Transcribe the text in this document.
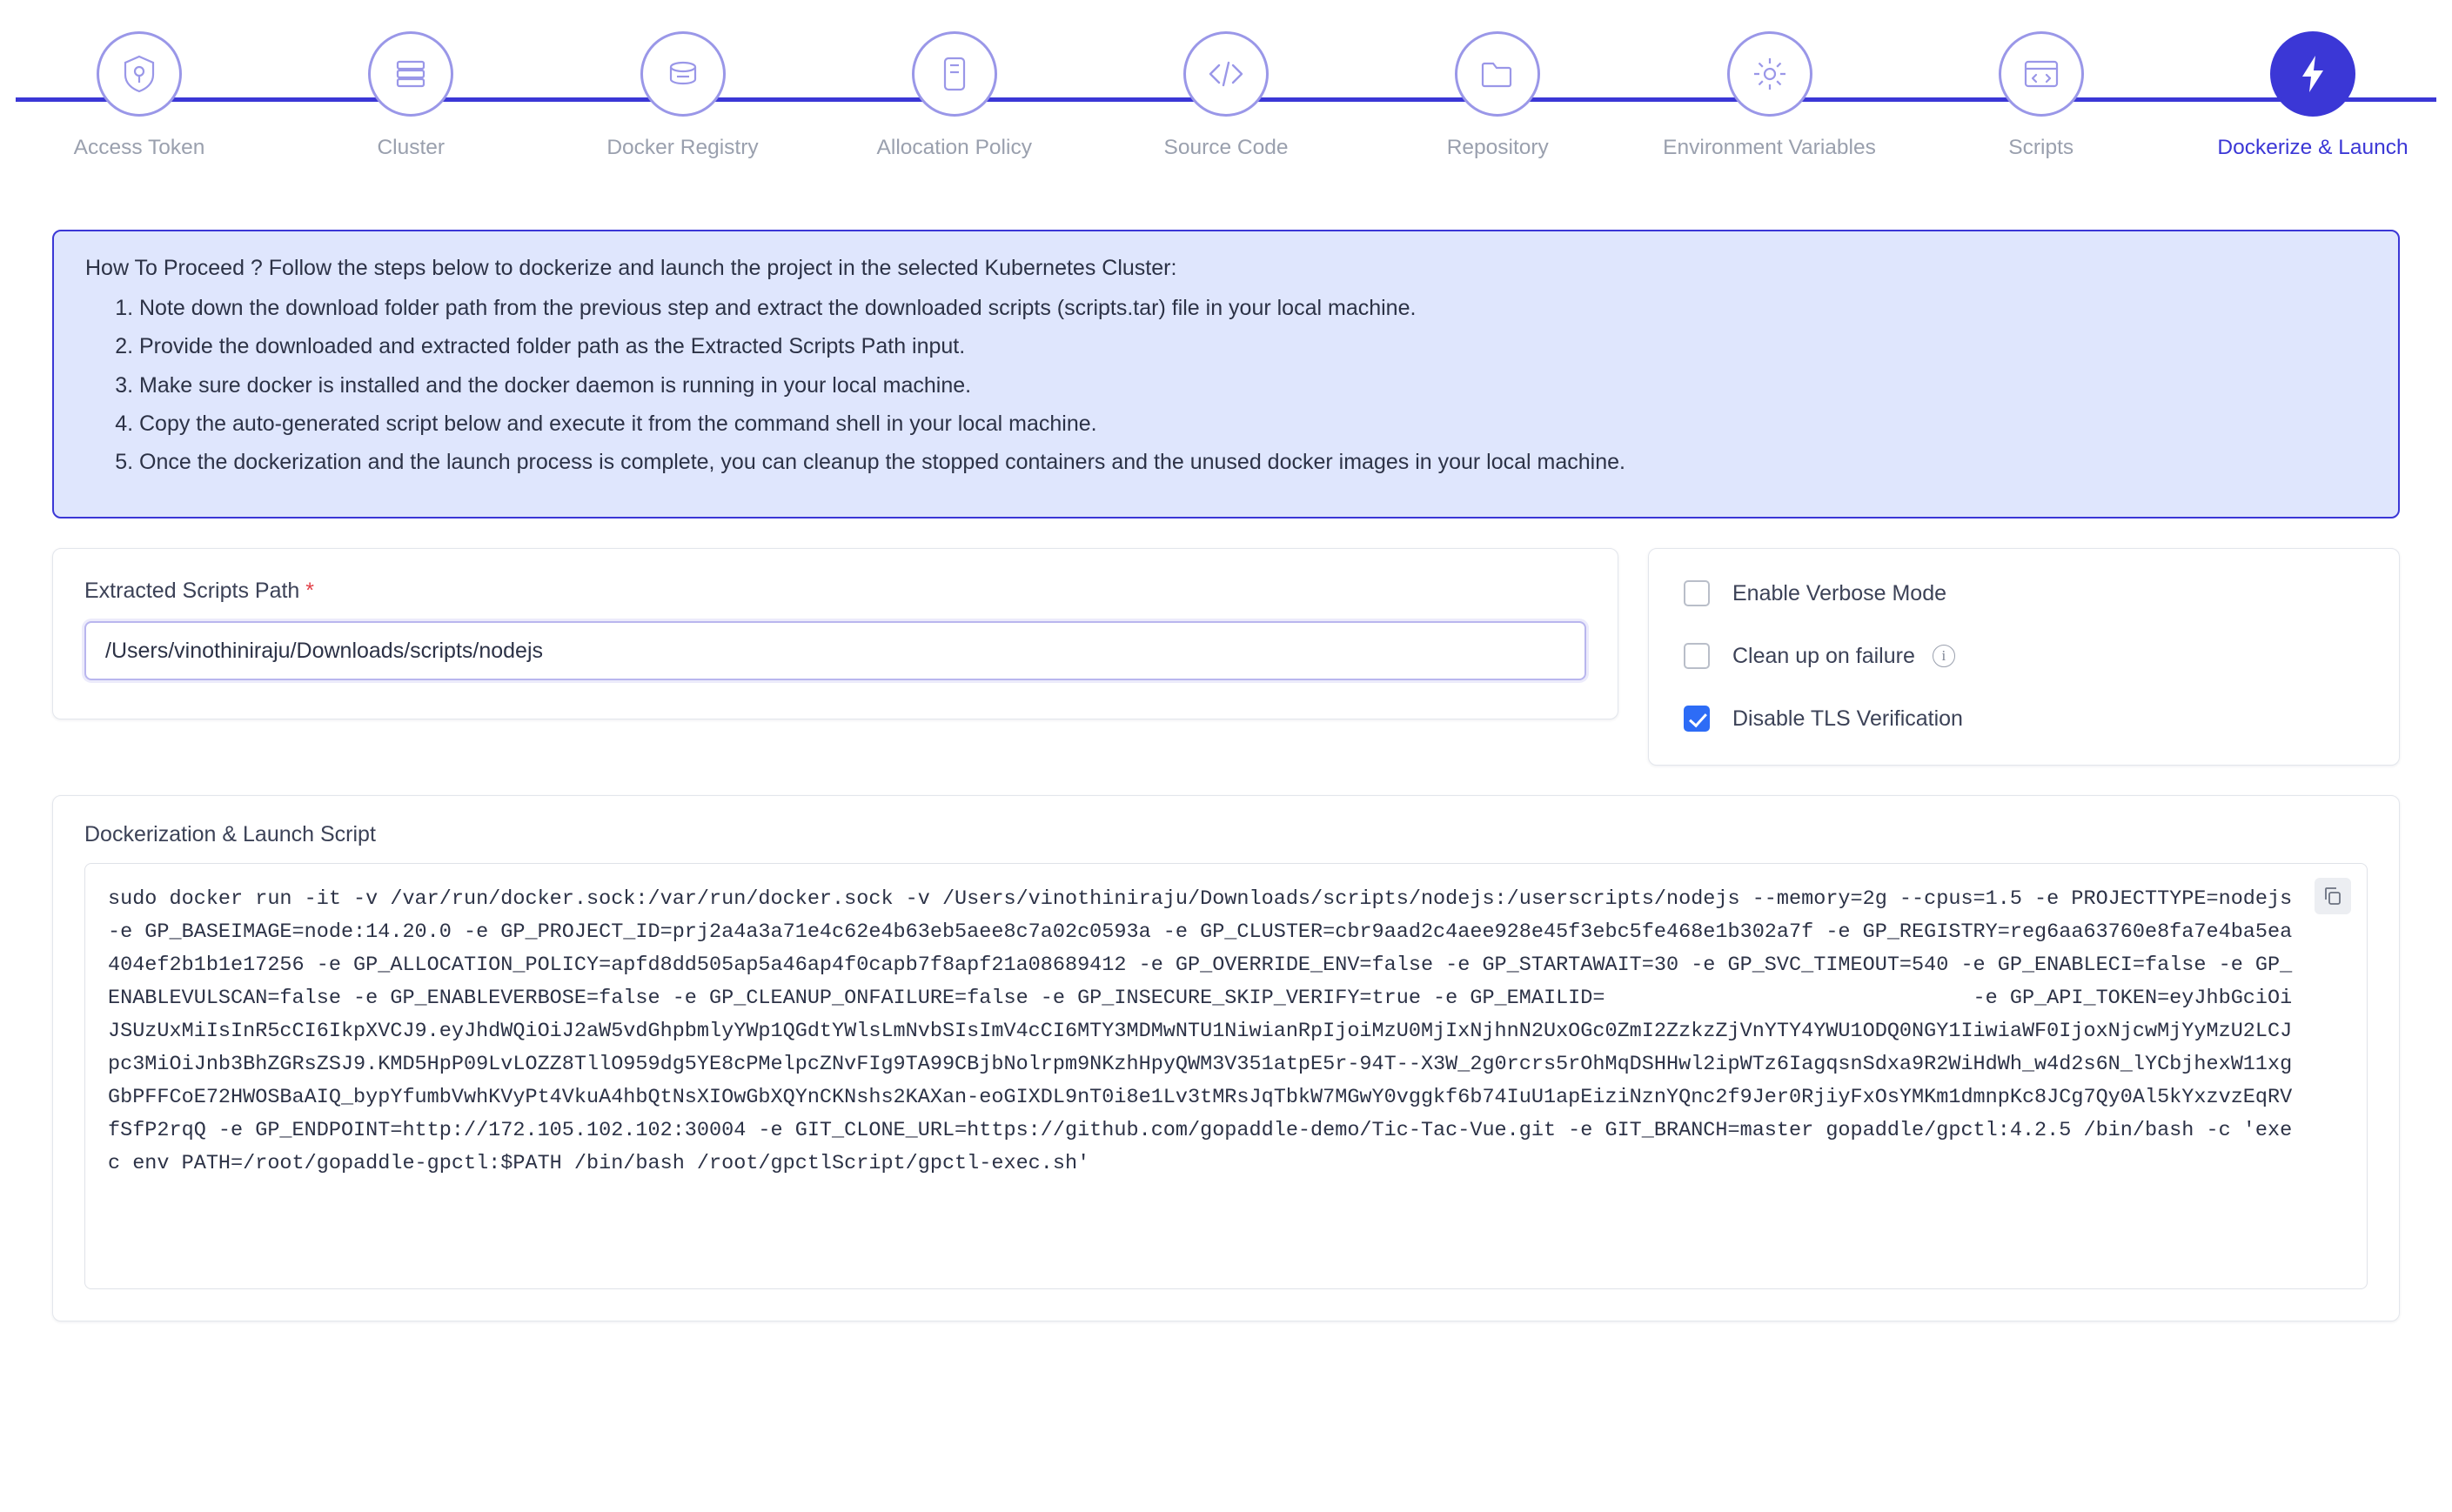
Access Token	Cluster	Docker Registry	Allocation Policy	Source Code	Repository	Environment Variables	Scripts	Dockerize & Launch
How To Proceed ? Follow the steps below to dockerize and launch the project in the selected Kubernetes Cluster:
1. Note down the download folder path from the previous step and extract the downloaded scripts (scripts.tar) file in your local machine.
2. Provide the downloaded and extracted folder path as the Extracted Scripts Path input.
3. Make sure docker is installed and the docker daemon is running in your local machine.
4. Copy the auto-generated script below and execute it from the command shell in your local machine.
5. Once the dockerization and the launch process is complete, you can cleanup the stopped containers and the unused docker images in your local machine.
Extracted Scripts Path *
/Users/vinothiniraju/Downloads/scripts/nodejs	Enable Verbose Mode
Clean up on failure	i
Disable TLS Verification
Dockerization & Launch Script
sudo docker run -it -v /var/run/docker.sock:/var/run/docker.sock -v /Users/vinothiniraju/Downloads/scripts/nodejs:/userscripts/nodejs --memory=2g --cpus=1.5 -e PROJECTTYPE=nodejs -e GP_BASEIMAGE=node:14.20.0 -e GP_PROJECT_ID=prj2a4a3a71e4c62e4b63eb5aee8c7a02c0593a -e GP_CLUSTER=cbr9aad2c4aee928e45f3ebc5fe468e1b302a7f -e GP_REGISTRY=reg6aa63760e8fa7e4ba5ea404ef2b1b1e17256 -e GP_ALLOCATION_POLICY=apfd8dd505ap5a46ap4f0capb7f8apf21a08689412 -e GP_OVERRIDE_ENV=false -e GP_STARTAWAIT=30 -e GP_SVC_TIMEOUT=540 -e GP_ENABLECI=false -e GP_ENABLEVULSCAN=false -e GP_ENABLEVERBOSE=false -e GP_CLEANUP_ONFAILURE=false -e GP_INSECURE_SKIP_VERIFY=true -e GP_EMAILID=                              -e GP_API_TOKEN=eyJhbGciOiJSUzUxMiIsInR5cCI6IkpXVCJ9.eyJhdWQiOiJ2aW5vdGhpbmlyYWp1QGdtYWlsLmNvbSIsImV4cCI6MTY3MDMwNTU1NiwianRpIjoiMzU0MjIxNjhnN2UxOGc0ZmI2ZzkzZjVnYTY4YWU1ODQ0NGY1IiwiaWF0IjoxNjcwMjYyMzU2LCJpc3MiOiJnb3BhZGRsZSJ9.KMD5HpP09LvLOZZ8TllO959dg5YE8cPMelpcZNvFIg9TA99CBjbNolrpm9NKzhHpyQWM3V351atpE5r-94T--X3W_2g0rcrs5rOhMqDSHHwl2ipWTz6IagqsnSdxa9R2WiHdWh_w4d2s6N_lYCbjhexW11xgGbPFFCoE72HWOSBaAIQ_bypYfumbVwhKVyPt4VkuA4hbQtNsXIOwGbXQYnCKNshs2KAXan-eoGIXDL9nT0i8e1Lv3tMRsJqTbkW7MGwY0vggkf6b74IuU1apEiziNznYQnc2f9Jer0RjiyFxOsYMKm1dmnpKc8JCg7Qy0Al5kYxzvzEqRVfSfP2rqQ -e GP_ENDPOINT=http://172.105.102.102:30004 -e GIT_CLONE_URL=https://github.com/gopaddle-demo/Tic-Tac-Vue.git -e GIT_BRANCH=master gopaddle/gpctl:4.2.5 /bin/bash -c 'exec env PATH=/root/gopaddle-gpctl:$PATH /bin/bash /root/gpctlScript/gpctl-exec.sh'
